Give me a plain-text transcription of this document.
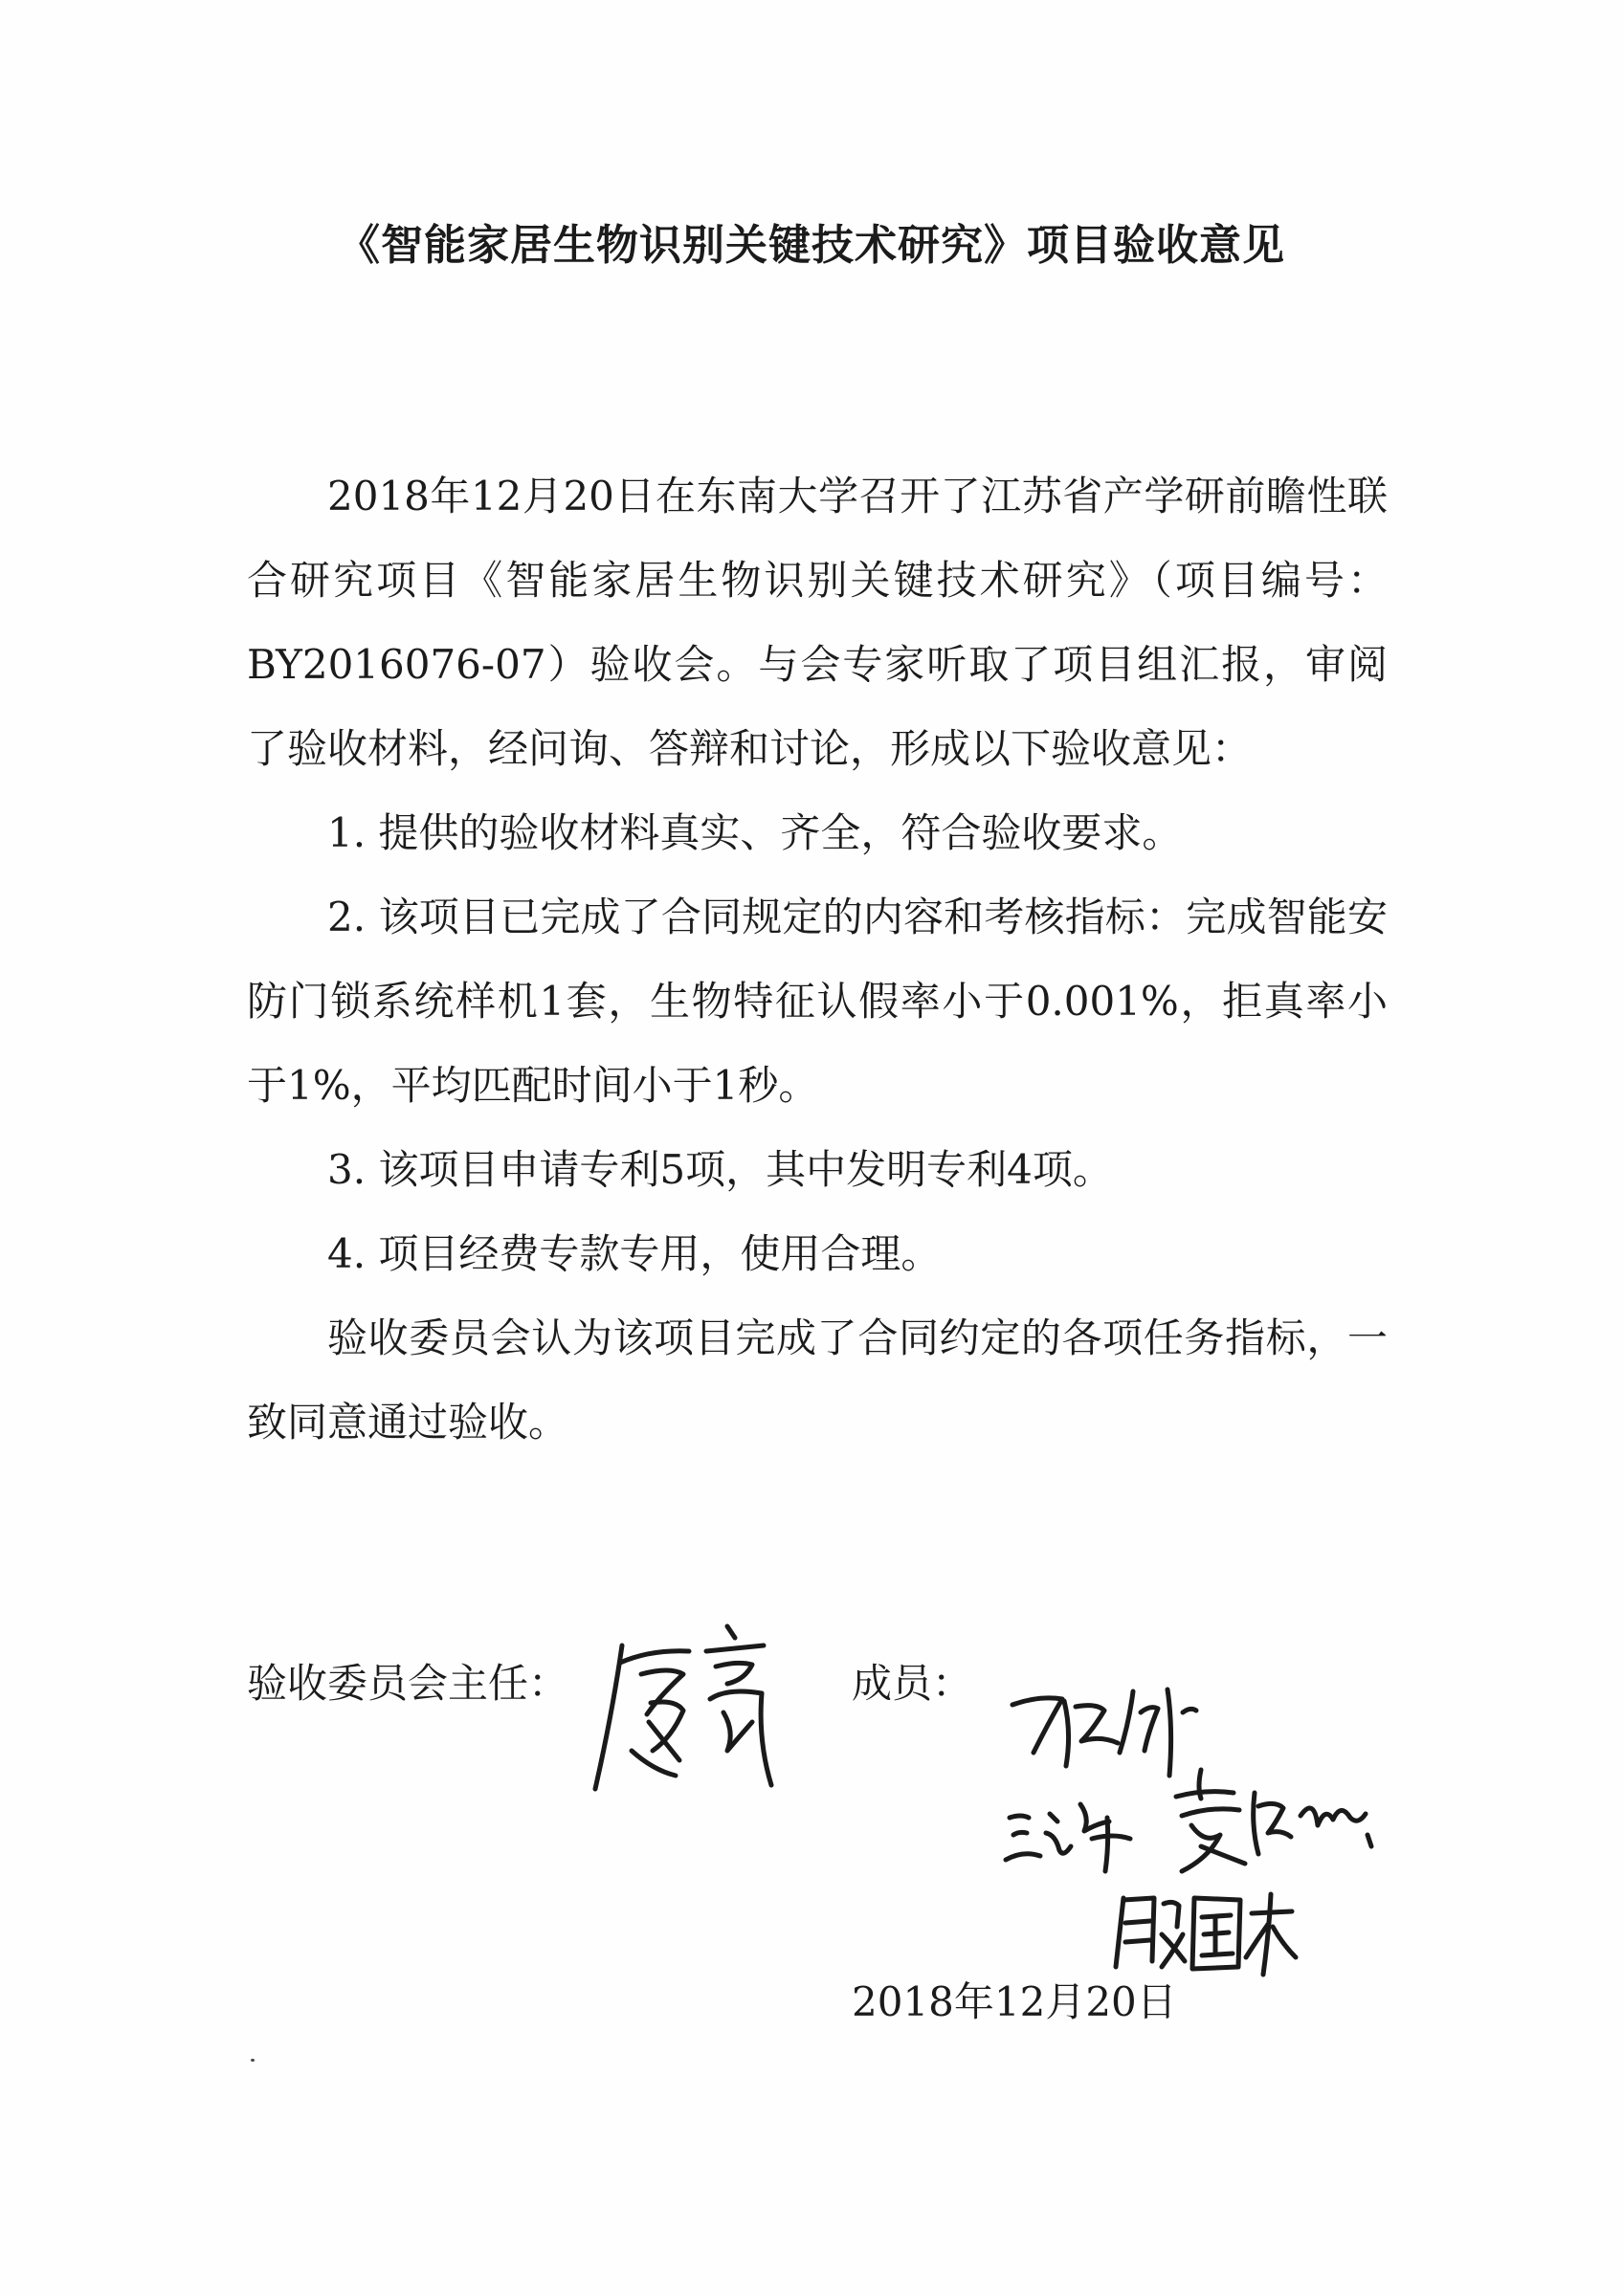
《智能家居生物识别关键技术研究》项目验收意见

2018年12月20日在东南大学召开了江苏省产学研前瞻性联合研究项目《智能家居生物识别关键技术研究》（项目编号：BY2016076-07）验收会。与会专家听取了项目组汇报，审阅了验收材料，经问询、答辩和讨论，形成以下验收意见：

1. 提供的验收材料真实、齐全，符合验收要求。

2. 该项目已完成了合同规定的内容和考核指标：完成智能安防门锁系统样机1套，生物特征认假率小于0.001%，拒真率小于1%，平均匹配时间小于1秒。

3. 该项目申请专利5项，其中发明专利4项。

4. 项目经费专款专用，使用合理。

验收委员会认为该项目完成了合同约定的各项任务指标，一致同意通过验收。

验收委员会主任：	成员：
2018年12月20日
